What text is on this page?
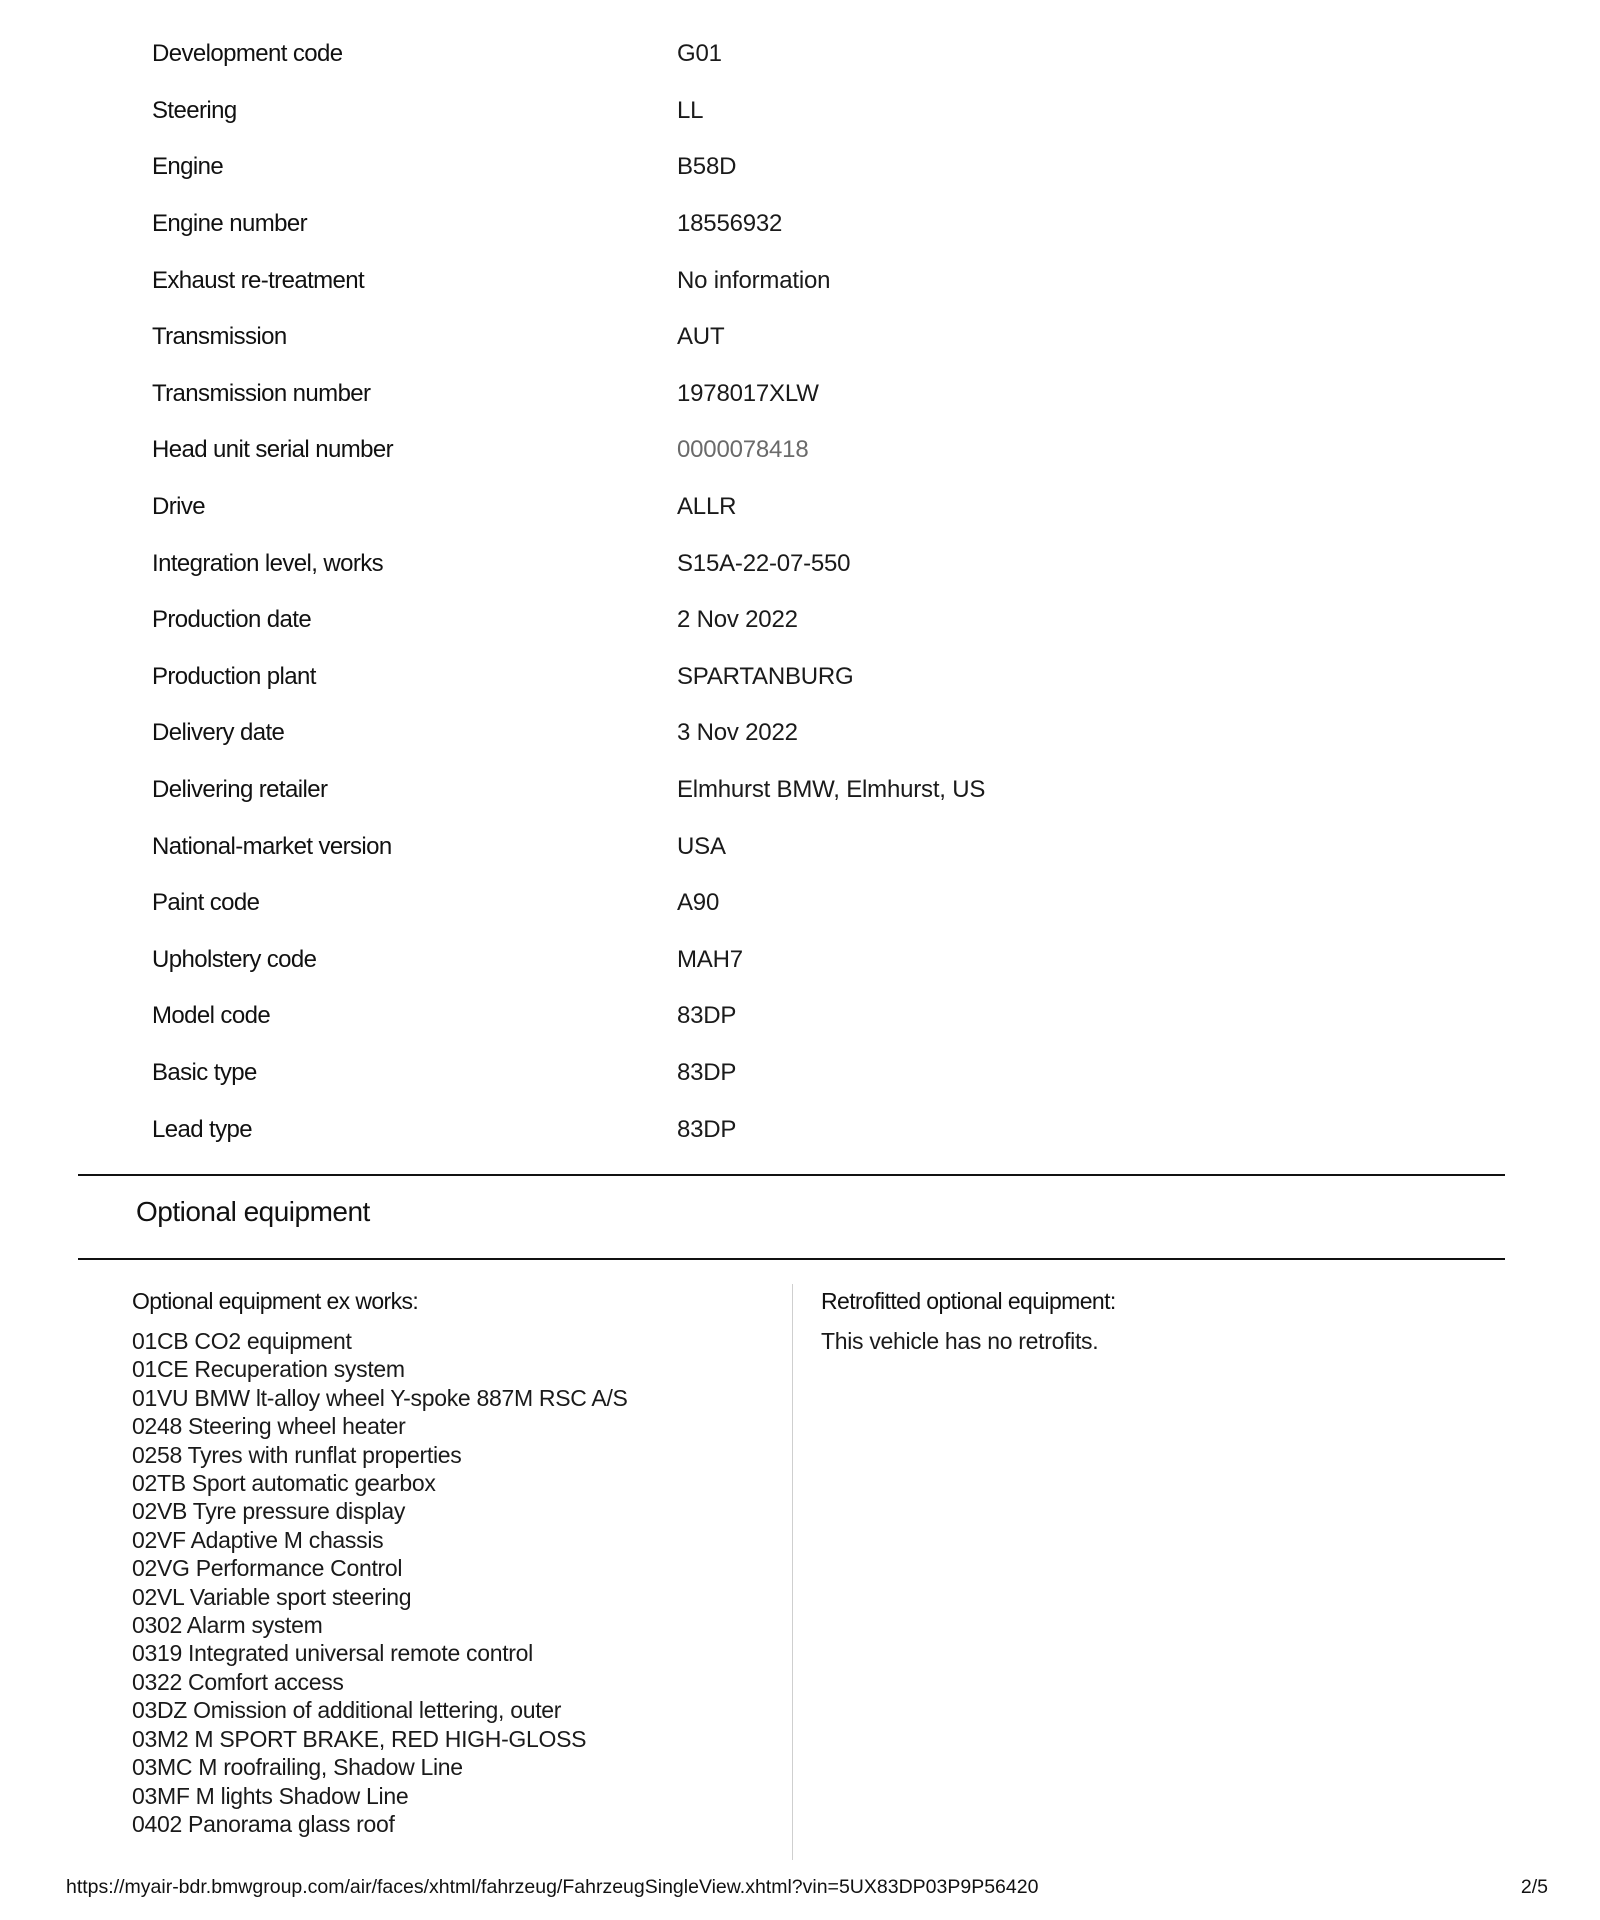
Development code	G01
Steering	LL
Engine	B58D
Engine number	18556932
Exhaust re-treatment	No information
Transmission	AUT
Transmission number	1978017XLW
Head unit serial number	0000078418
Drive	ALLR
Integration level, works	S15A-22-07-550
Production date	2 Nov 2022
Production plant	SPARTANBURG
Delivery date	3 Nov 2022
Delivering retailer	Elmhurst BMW, Elmhurst, US
National-market version	USA
Paint code	A90
Upholstery code	MAH7
Model code	83DP
Basic type	83DP
Lead type	83DP
Optional equipment
Optional equipment ex works:
01CB CO2 equipment
01CE Recuperation system
01VU BMW lt-alloy wheel Y-spoke 887M RSC A/S
0248 Steering wheel heater
0258 Tyres with runflat properties
02TB Sport automatic gearbox
02VB Tyre pressure display
02VF Adaptive M chassis
02VG Performance Control
02VL Variable sport steering
0302 Alarm system
0319 Integrated universal remote control
0322 Comfort access
03DZ Omission of additional lettering, outer
03M2 M SPORT BRAKE, RED HIGH-GLOSS
03MC M roofrailing, Shadow Line
03MF M lights Shadow Line
0402 Panorama glass roof
Retrofitted optional equipment:
This vehicle has no retrofits.
https://myair-bdr.bmwgroup.com/air/faces/xhtml/fahrzeug/FahrzeugSingleView.xhtml?vin=5UX83DP03P9P56420	2/5
